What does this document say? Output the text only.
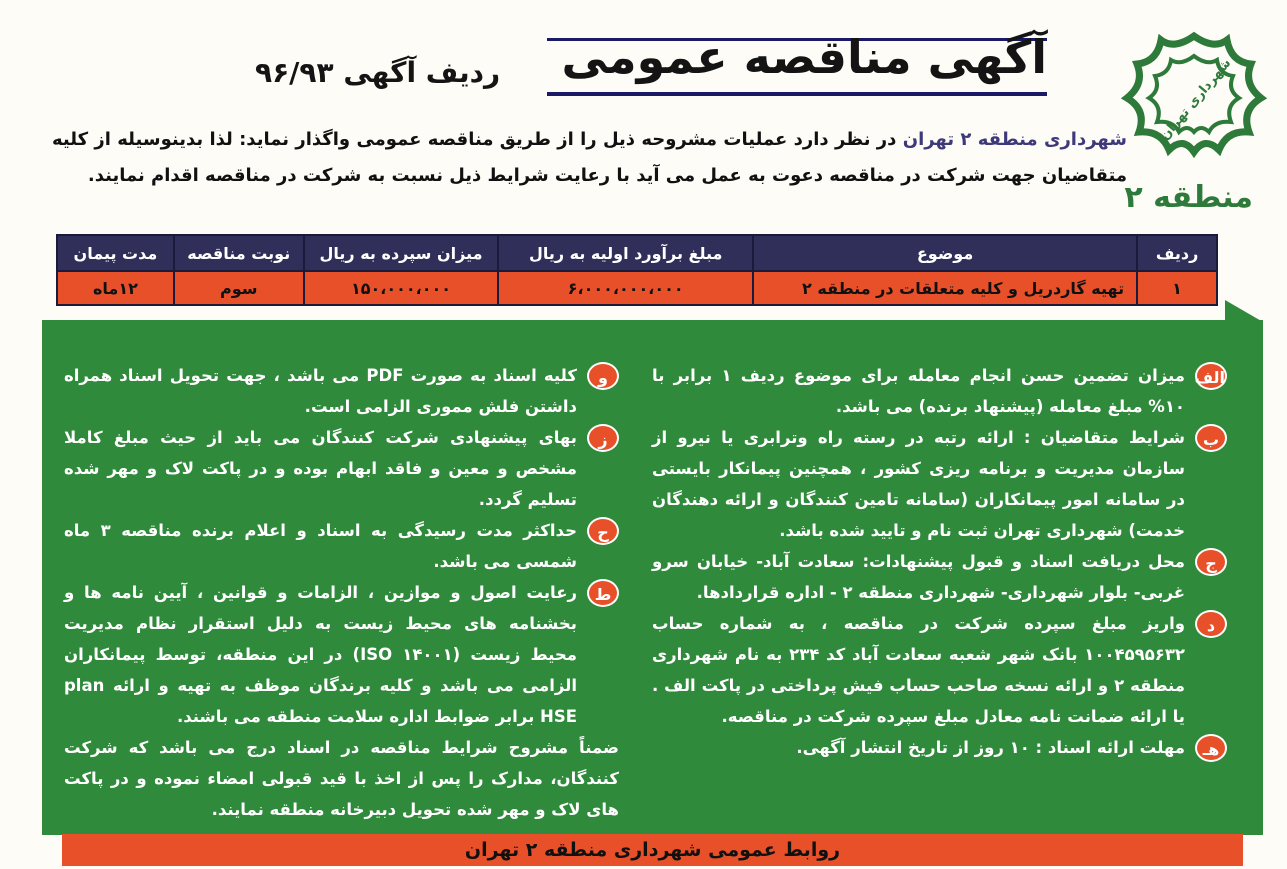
شهرداری تهران
منطقه ۲
آگهی مناقصه عمومی
ردیف آگهی ۹۶/۹۳

شهرداری منطقه ۲ تهران در نظر دارد عملیات مشروحه ذیل را از طریق مناقصه عمومی واگذار نماید: لذا بدینوسیله از کلیه متقاضیان جهت شرکت در مناقصه دعوت به عمل می آید با رعایت شرایط ذیل نسبت به شرکت در مناقصه اقدام نمایند.

ردیف	موضوع	مبلغ برآورد اولیه به ریال	میزان سپرده به ریال	نوبت مناقصه	مدت پیمان
۱	تهیه گاردریل و کلیه متعلقات در منطقه ۲	۶،۰۰۰،۰۰۰،۰۰۰	۱۵۰،۰۰۰،۰۰۰	سوم	۱۲ماه
الف
میزان تضمین حسن انجام معامله برای موضوع ردیف ۱ برابر با ۱۰% مبلغ معامله (پیشنهاد برنده) می باشد.
ب
شرایط متقاضیان : ارائه رتبه در رسته راه وترابری یا نیرو از سازمان مدیریت و برنامه ریزی کشور ، همچنین پیمانکار بایستی در سامانه امور پیمانکاران (سامانه تامین کنندگان و ارائه دهندگان خدمت) شهرداری تهران ثبت نام و تایید شده باشد.
ج
محل دریافت اسناد و قبول پیشنهادات: سعادت آباد- خیابان سرو غربی- بلوار شهرداری- شهرداری منطقه ۲ - اداره قراردادها.
د
واریز مبلغ سپرده شرکت در مناقصه ، به شماره حساب ۱۰۰۴۵۹۵۶۳۲ بانک شهر شعبه سعادت آباد کد ۲۳۴ به نام شهرداری منطقه ۲ و ارائه نسخه صاحب حساب فیش پرداختی در پاکت الف . یا ارائه ضمانت نامه معادل مبلغ سپرده شرکت در مناقصه.
هـ
مهلت ارائه اسناد : ۱۰ روز از تاریخ انتشار آگهی.
و
کلیه اسناد به صورت PDF می باشد ، جهت تحویل اسناد همراه داشتن فلش مموری الزامی است.
ز
بهای پیشنهادی شرکت کنندگان می باید از حیث مبلغ کاملا مشخص و معین و فاقد ابهام بوده و در پاکت لاک و مهر شده تسلیم گردد.
ح
حداکثر مدت رسیدگی به اسناد و اعلام برنده مناقصه ۳ ماه شمسی می باشد.
ط
رعایت اصول و موازین ، الزامات و قوانین ، آیین نامه ها و بخشنامه های محیط زیست به دلیل استقرار نظام مدیریت محیط زیست (ISO ۱۴۰۰۱) در این منطقه، توسط پیمانکاران الزامی می باشد و کلیه برندگان موظف به تهیه و ارائه plan HSE برابر ضوابط اداره سلامت منطقه می باشند.

ضمناً مشروح شرایط مناقصه در اسناد درج می باشد که شرکت کنندگان، مدارک را پس از اخذ با قید قبولی امضاء نموده و در پاکت های لاک و مهر شده تحویل دبیرخانه منطقه نمایند.

روابط عمومی شهرداری منطقه ۲ تهران
